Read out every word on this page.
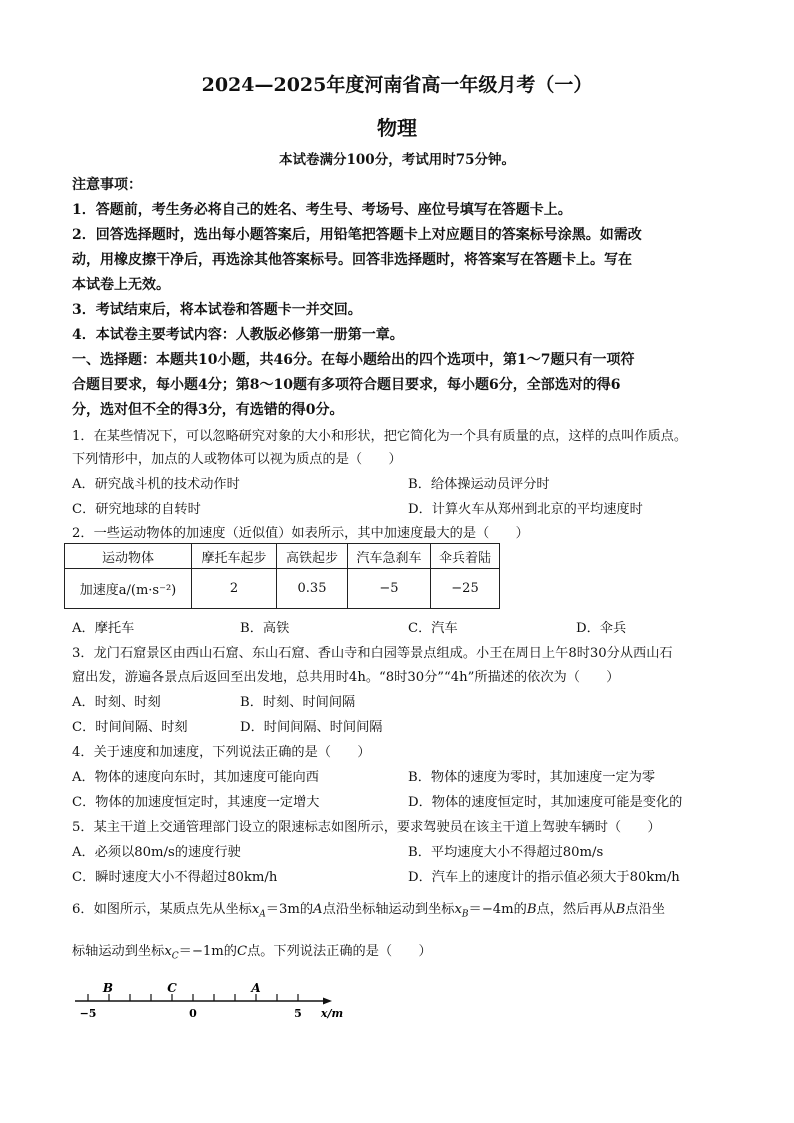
2024—2025年度河南省高一年级月考（一）
物理
本试卷满分100分，考试用时75分钟。
注意事项：
1．答题前，考生务必将自己的姓名、考生号、考场号、座位号填写在答题卡上。
2．回答选择题时，选出每小题答案后，用铅笔把答题卡上对应题目的答案标号涂黑。如需改
动，用橡皮擦干净后，再选涂其他答案标号。回答非选择题时，将答案写在答题卡上。写在
本试卷上无效。
3．考试结束后，将本试卷和答题卡一并交回。
4．本试卷主要考试内容：人教版必修第一册第一章。
一、选择题：本题共10小题，共46分。在每小题给出的四个选项中，第1～7题只有一项符
合题目要求，每小题4分；第8～10题有多项符合题目要求，每小题6分，全部选对的得6
分，选对但不全的得3分，有选错的得0分。
1．在某些情况下，可以忽略研究对象的大小和形状，把它简化为一个具有质量的点，这样的点叫作质点。
下列情形中，加点的人或物体可以视为质点的是（　　）
A．研究战斗机的技术动作时	B．给体操运动员评分时
C．研究地球的自转时	D．计算火车从郑州到北京的平均速度时
2．一些运动物体的加速度（近似值）如表所示，其中加速度最大的是（　　）
运动物体	摩托车起步	高铁起步	汽车急刹车	伞兵着陆
加速度a/(m·s⁻²)	2	0.35	−5	−25
A．摩托车	B．高铁	C．汽车	D．伞兵
3．龙门石窟景区由西山石窟、东山石窟、香山寺和白园等景点组成。小王在周日上午8时30分从西山石
窟出发，游遍各景点后返回至出发地，总共用时4h。“8时30分”“4h”所描述的依次为（　　）
A．时刻、时刻	B．时刻、时间间隔
C．时间间隔、时刻	D．时间间隔、时间间隔
4．关于速度和加速度，下列说法正确的是（　　）
A．物体的速度向东时，其加速度可能向西	B．物体的速度为零时，其加速度一定为零
C．物体的加速度恒定时，其速度一定增大	D．物体的速度恒定时，其加速度可能是变化的
5．某主干道上交通管理部门设立的限速标志如图所示，要求驾驶员在该主干道上驾驶车辆时（　　）
A．必须以80m/s的速度行驶	B．平均速度大小不得超过80m/s
C．瞬时速度大小不得超过80km/h	D．汽车上的速度计的指示值必须大于80km/h
6．如图所示，某质点先从坐标$x_A=3m$的A点沿坐标轴运动到坐标$x_B=-4m$的B点，然后再从B点沿坐
标轴运动到坐标$x_C=-1m$的C点。下列说法正确的是（　　）
B	C	A
−5	0	5 x/m
